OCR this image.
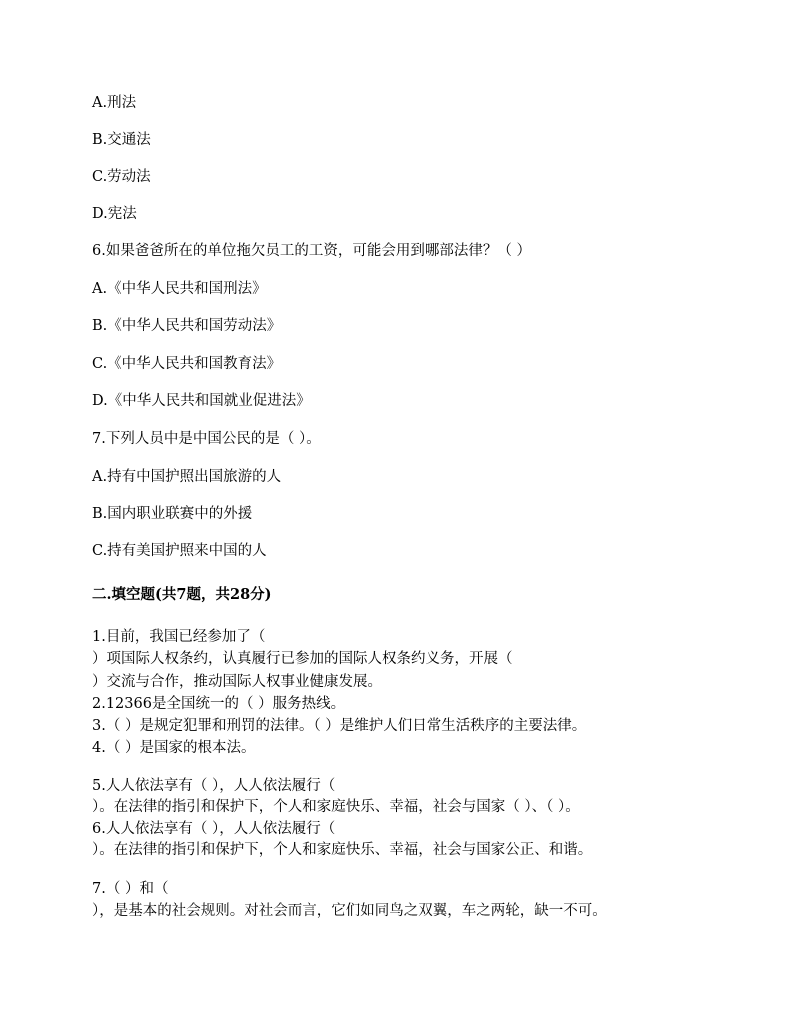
A.刑法
B.交通法
C.劳动法
D.宪法
6.如果爸爸所在的单位拖欠员工的工资，可能会用到哪部法律？（ ）
A.《中华人民共和国刑法》
B.《中华人民共和国劳动法》
C.《中华人民共和国教育法》
D.《中华人民共和国就业促进法》
7.下列人员中是中国公民的是（ ）。
A.持有中国护照出国旅游的人
B.国内职业联赛中的外援
C.持有美国护照来中国的人
二.填空题(共7题，共28分)
1.目前，我国已经参加了（
）项国际人权条约，认真履行已参加的国际人权条约义务，开展（
）交流与合作，推动国际人权事业健康发展。
2.12366是全国统一的（ ）服务热线。
3.（ ）是规定犯罪和刑罚的法律。（ ）是维护人们日常生活秩序的主要法律。
4.（ ）是国家的根本法。
5.人人依法享有（ ），人人依法履行（
）。在法律的指引和保护下，个人和家庭快乐、幸福，社会与国家（ ）、（ ）。
6.人人依法享有（ ），人人依法履行（
）。在法律的指引和保护下，个人和家庭快乐、幸福，社会与国家公正、和谐。
7.（ ）和（
），是基本的社会规则。对社会而言，它们如同鸟之双翼，车之两轮，缺一不可。
